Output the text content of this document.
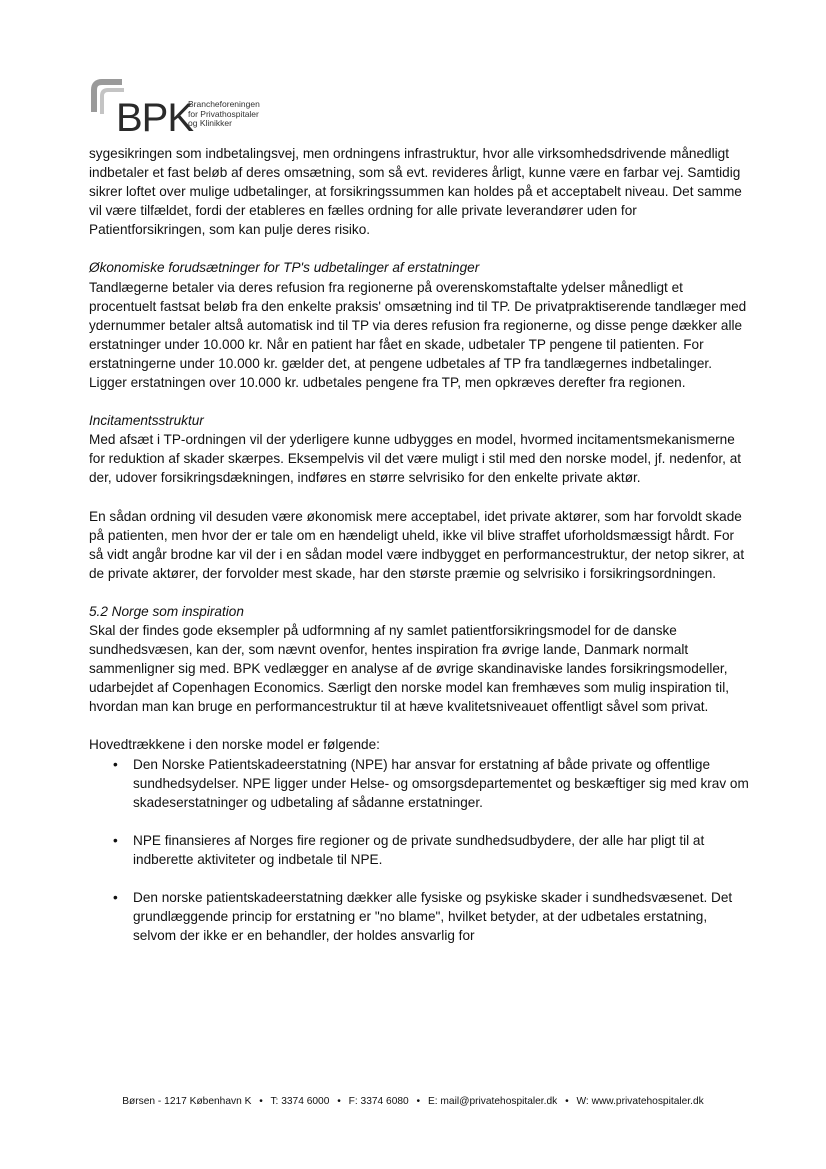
BPK
Brancheforeningen
for Privathospitaler
og Klinikker

sygesikringen som indbetalingsvej, men ordningens infrastruktur, hvor alle virksomhedsdrivende månedligt indbetaler et fast beløb af deres omsætning, som så evt. revideres årligt, kunne være en farbar vej. Samtidig sikrer loftet over mulige udbetalinger, at forsikringssummen kan holdes på et acceptabelt niveau. Det samme vil være tilfældet, fordi der etableres en fælles ordning for alle private leverandører uden for Patientforsikringen, som kan pulje deres risiko.

Økonomiske forudsætninger for TP's udbetalinger af erstatninger

Tandlægerne betaler via deres refusion fra regionerne på overenskomstaftalte ydelser månedligt et procentuelt fastsat beløb fra den enkelte praksis' omsætning ind til TP. De privatpraktiserende tandlæger med ydernummer betaler altså automatisk ind til TP via deres refusion fra regionerne, og disse penge dækker alle erstatninger under 10.000 kr. Når en patient har fået en skade, udbetaler TP pengene til patienten. For erstatningerne under 10.000 kr. gælder det, at pengene udbetales af TP fra tandlægernes indbetalinger. Ligger erstatningen over 10.000 kr. udbetales pengene fra TP, men opkræves derefter fra regionen.

Incitamentsstruktur

Med afsæt i TP-ordningen vil der yderligere kunne udbygges en model, hvormed incitamentsmekanismerne for reduktion af skader skærpes. Eksempelvis vil det være muligt i stil med den norske model, jf. nedenfor, at der, udover forsikringsdækningen, indføres en større selvrisiko for den enkelte private aktør.

En sådan ordning vil desuden være økonomisk mere acceptabel, idet private aktører, som har forvoldt skade på patienten, men hvor der er tale om en hændeligt uheld, ikke vil blive straffet uforholdsmæssigt hårdt. For så vidt angår brodne kar vil der i en sådan model være indbygget en performancestruktur, der netop sikrer, at de private aktører, der forvolder mest skade, har den største præmie og selvrisiko i forsikringsordningen.

5.2 Norge som inspiration

Skal der findes gode eksempler på udformning af ny samlet patientforsikringsmodel for de danske sundhedsvæsen, kan der, som nævnt ovenfor, hentes inspiration fra øvrige lande, Danmark normalt sammenligner sig med. BPK vedlægger en analyse af de øvrige skandinaviske landes forsikringsmodeller, udarbejdet af Copenhagen Economics. Særligt den norske model kan fremhæves som mulig inspiration til, hvordan man kan bruge en performancestruktur til at hæve kvalitetsniveauet offentligt såvel som privat.

Hovedtrækkene i den norske model er følgende:

•	Den Norske Patientskadeerstatning (NPE) har ansvar for erstatning af både private og offentlige sundhedsydelser. NPE ligger under Helse- og omsorgsdepartementet og beskæftiger sig med krav om skadeserstatninger og udbetaling af sådanne erstatninger.
•	NPE finansieres af Norges fire regioner og de private sundhedsudbydere, der alle har pligt til at indberette aktiviteter og indbetale til NPE.
•	Den norske patientskadeerstatning dækker alle fysiske og psykiske skader i sundhedsvæsenet. Det grundlæggende princip for erstatning er "no blame", hvilket betyder, at der udbetales erstatning, selvom der ikke er en behandler, der holdes ansvarlig for
Børsen - 1217 København K • T: 3374 6000 • F: 3374 6080 • E: mail@privatehospitaler.dk • W: www.privatehospitaler.dk
